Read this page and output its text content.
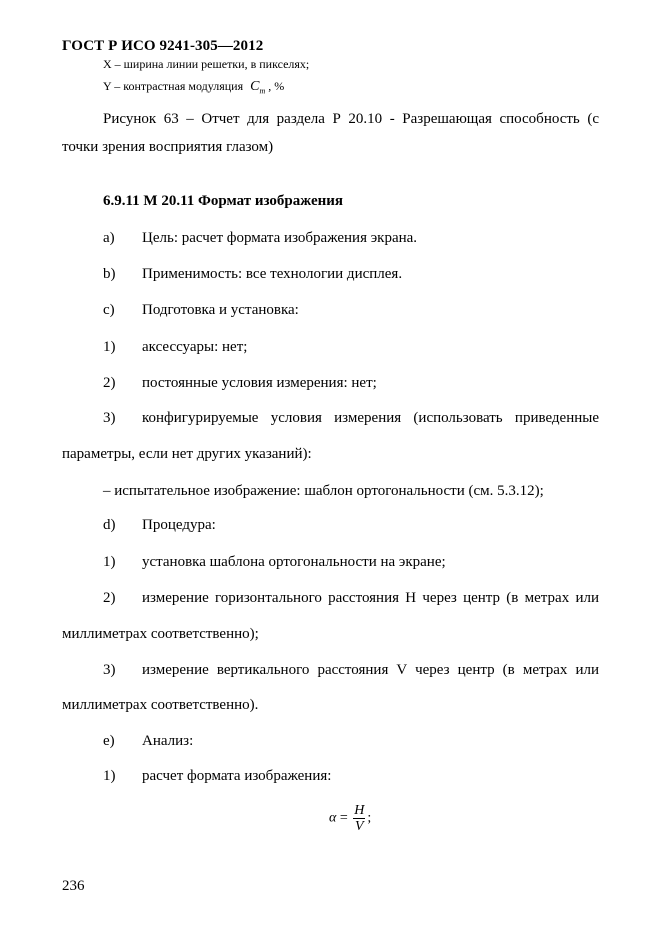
ГОСТ Р ИСО 9241-305—2012
X – ширина линии решетки, в пикселях;
Y – контрастная модуляция $C_m$ , %
Рисунок 63 – Отчет для раздела Р 20.10 - Разрешающая способность (с
точки зрения восприятия глазом)
6.9.11 М 20.11 Формат изображения
а) Цель: расчет формата изображения экрана.
b) Применимость: все технологии дисплея.
c) Подготовка и установка:
1) аксессуары: нет;
2) постоянные условия измерения: нет;
3) конфигурируемые условия измерения (использовать приведенные
параметры, если нет других указаний):
– испытательное изображение: шаблон ортогональности (см. 5.3.12);
d) Процедура:
1) установка шаблона ортогональности на экране;
2) измерение горизонтального расстояния Н через центр (в метрах или
миллиметрах соответственно);
3) измерение вертикального расстояния V через центр (в метрах или
миллиметрах соответственно).
e) Анализ:
1) расчет формата изображения:
$\alpha = \frac{H}{V}$ ;
236
